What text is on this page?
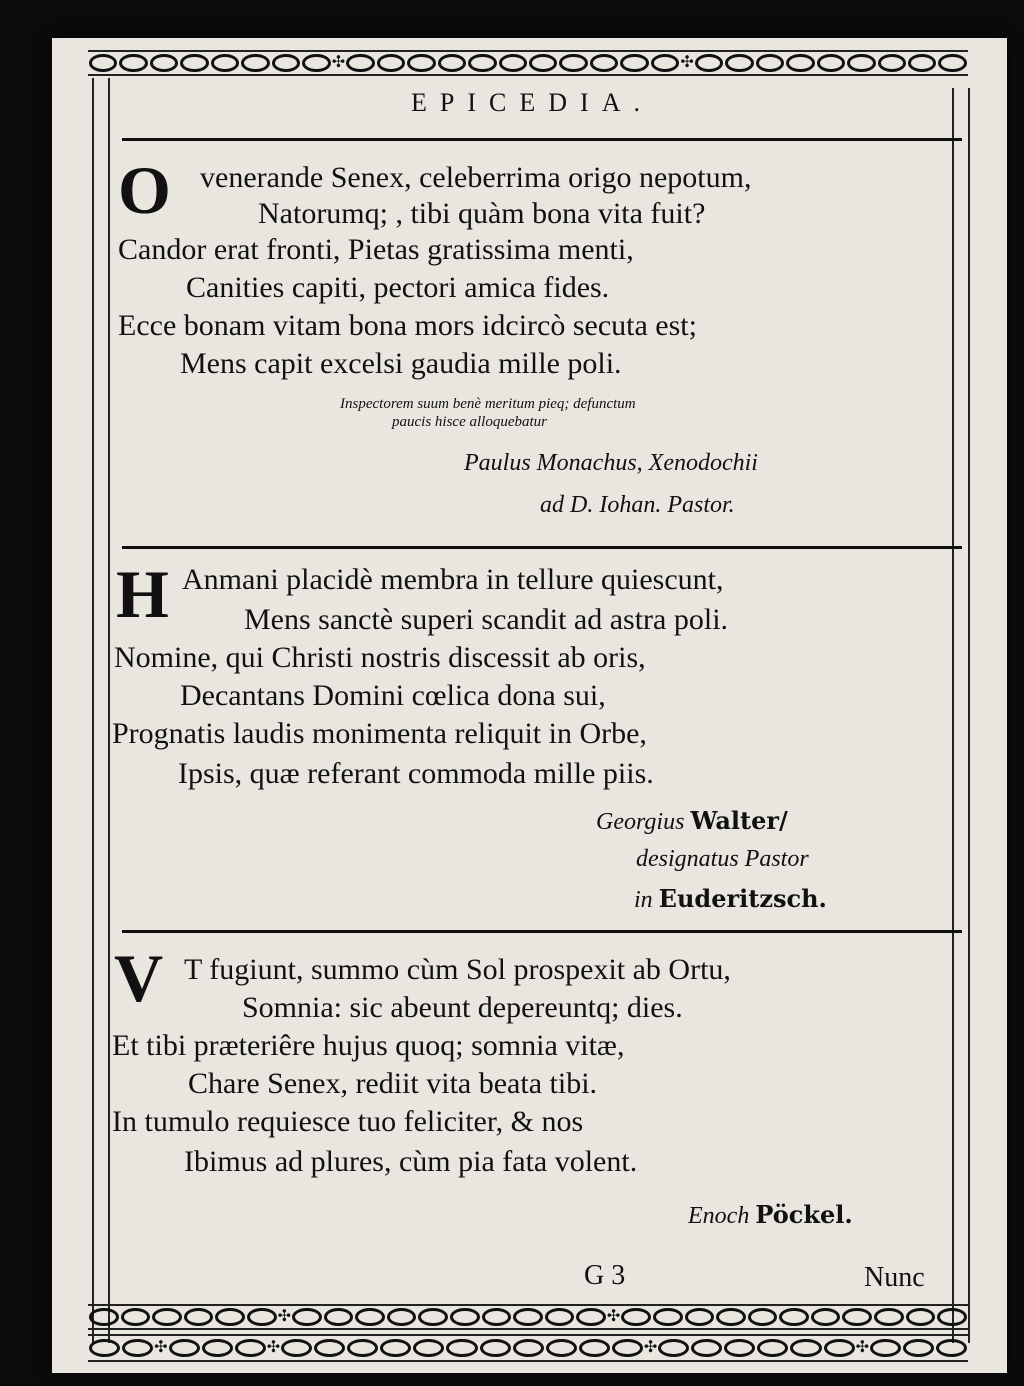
✣	✣
EPICEDIA.
O venerande Senex, celeberrima origo nepotum,
Natorumq; , tibi quàm bona vita fuit?
Candor erat fronti, Pietas gratissima menti,
Canities capiti, pectori amica fides.
Ecce bonam vitam bona mors idcircò secuta est;
Mens capit excelsi gaudia mille poli.
Inspectorem suum benè meritum pieq; defunctum
paucis hisce alloquebatur
Paulus Monachus, Xenodochii
ad D. Iohan. Pastor.
H Anmani placidè membra in tellure quiescunt,
Mens sanctè superi scandit ad astra poli.
Nomine, qui Christi nostris discessit ab oris,
Decantans Domini cœlica dona sui,
Prognatis laudis monimenta reliquit in Orbe,
Ipsis, quæ referant commoda mille piis.
Georgius Walter/
designatus Pastor
in Euderitzsch.
V T fugiunt, summo cùm Sol prospexit ab Ortu,
Somnia: sic abeunt depereuntq; dies.
Et tibi præteriêre hujus quoq; somnia vitæ,
Chare Senex, rediit vita beata tibi.
In tumulo requiesce tuo feliciter, & nos
Ibimus ad plures, cùm pia fata volent.
Enoch Pöckel.
G 3	Nunc
✣	✣
✣	✣	✣	✣
